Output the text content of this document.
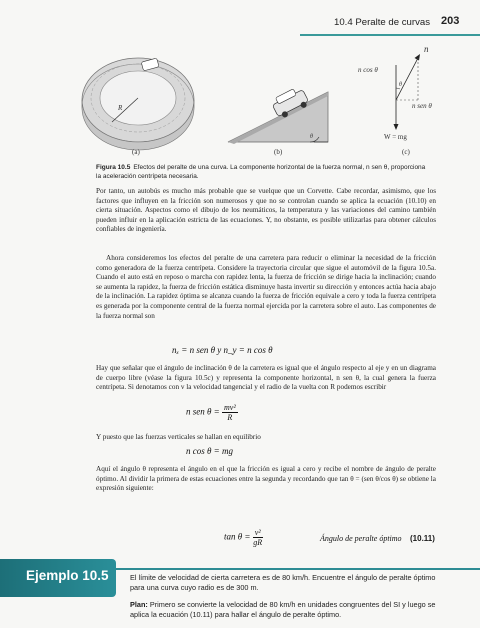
10.4 Peralte de curvas 203
(a)	(b)	(c)
R
n
n cos θ
n sen θ
W = mg
θ
θ
Figura 10.5 Efectos del peralte de una curva. La componente horizontal de la fuerza normal, n sen θ, proporciona la aceleración centrípeta necesaria.

Por tanto, un autobús es mucho más probable que se vuelque que un Corvette. Cabe recordar, asimismo, que los factores que influyen en la fricción son numerosos y que no se controlan cuando se aplica la ecuación (10.10) en cierta situación. Aspectos como el dibujo de los neumáticos, la temperatura y las variaciones del camino también pueden influir en la aplicación estricta de las ecuaciones. Y, no obstante, es posible utilizarlas para obtener cálculos confiables de ingeniería.

Ahora consideremos los efectos del peralte de una carretera para reducir o eliminar la necesidad de la fricción como generadora de la fuerza centrípeta. Considere la trayectoria circular que sigue el automóvil de la figura 10.5a. Cuando el auto está en reposo o marcha con rapidez lenta, la fuerza de fricción se dirige hacia la inclinación; cuando se aumenta la rapidez, la fuerza de fricción estática disminuye hasta invertir su dirección y entonces actúa hacia abajo de la inclinación. La rapidez óptima se alcanza cuando la fuerza de fricción equivale a cero y toda la fuerza centrípeta es generada por la componente central de la fuerza normal ejercida por la carretera sobre el auto. Las componentes de la fuerza normal son

nₓ = n sen θ y n_y = n cos θ

Hay que señalar que el ángulo de inclinación θ de la carretera es igual que el ángulo respecto al eje y en un diagrama de cuerpo libre (véase la figura 10.5c) y representa la componente horizontal, n sen θ, la cual genera la fuerza centrípeta. Si denotamos con v la velocidad tangencial y el radio de la vuelta con R podemos escribir

n sen $\theta = \frac{\text{mv²}}{R}$

Y puesto que las fuerzas verticales se hallan en equilibrio

n cos θ = mg

Aquí el ángulo θ representa el ángulo en el que la fricción es igual a cero y recibe el nombre de ángulo de peralte óptimo. Al dividir la primera de estas ecuaciones entre la segunda y recordando que tan θ = (sen θ/cos θ) se obtiene la expresión siguiente:

$\tan \theta = \frac{\text{v²}}{gR}$	Ángulo de peralte óptimo (10.11)
Ejemplo 10.5	El límite de velocidad de cierta carretera es de 80 km/h. Encuentre el ángulo de peralte óptimo para una curva cuyo radio es de 300 m.

Plan: Primero se convierte la velocidad de 80 km/h en unidades congruentes del SI y luego se aplica la ecuación (10.11) para hallar el ángulo de peralte óptimo.
